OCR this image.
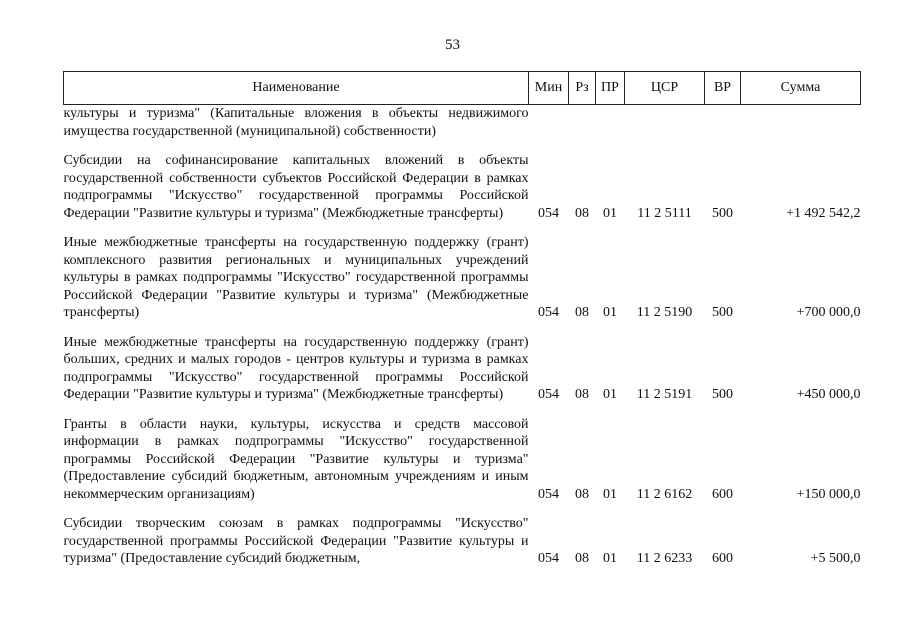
53
Наименование	Мин	Рз	ПР	ЦСР	ВР	Сумма

культуры и туризма" (Капитальные вложения в объекты недвижимого имущества государственной (муниципальной) собственности)						

Субсидии на софинансирование капитальных вложений в объекты государственной собственности субъектов Российской Федерации в рамках подпрограммы "Искусство" государственной программы Российской Федерации "Развитие культуры и туризма" (Межбюджетные трансферты)	054	08	01	11 2 5111	500	+1 492 542,2

Иные межбюджетные трансферты на государственную поддержку (грант) комплексного развития региональных и муниципальных учреждений культуры в рамках подпрограммы "Искусство" государственной программы Российской Федерации "Развитие культуры и туризма" (Межбюджетные трансферты)	054	08	01	11 2 5190	500	+700 000,0

Иные межбюджетные трансферты на государственную поддержку (грант) больших, средних и малых городов - центров культуры и туризма в рамках подпрограммы "Искусство" государственной программы Российской Федерации "Развитие культуры и туризма" (Межбюджетные трансферты)	054	08	01	11 2 5191	500	+450 000,0

Гранты в области науки, культуры, искусства и средств массовой информации в рамках подпрограммы "Искусство" государственной программы Российской Федерации "Развитие культуры и туризма" (Предоставление субсидий бюджетным, автономным учреждениям и иным некоммерческим организациям)	054	08	01	11 2 6162	600	+150 000,0

Субсидии творческим союзам в рамках подпрограммы "Искусство" государственной программы Российской Федерации "Развитие культуры и туризма" (Предоставление субсидий бюджетным,	054	08	01	11 2 6233	600	+5 500,0
